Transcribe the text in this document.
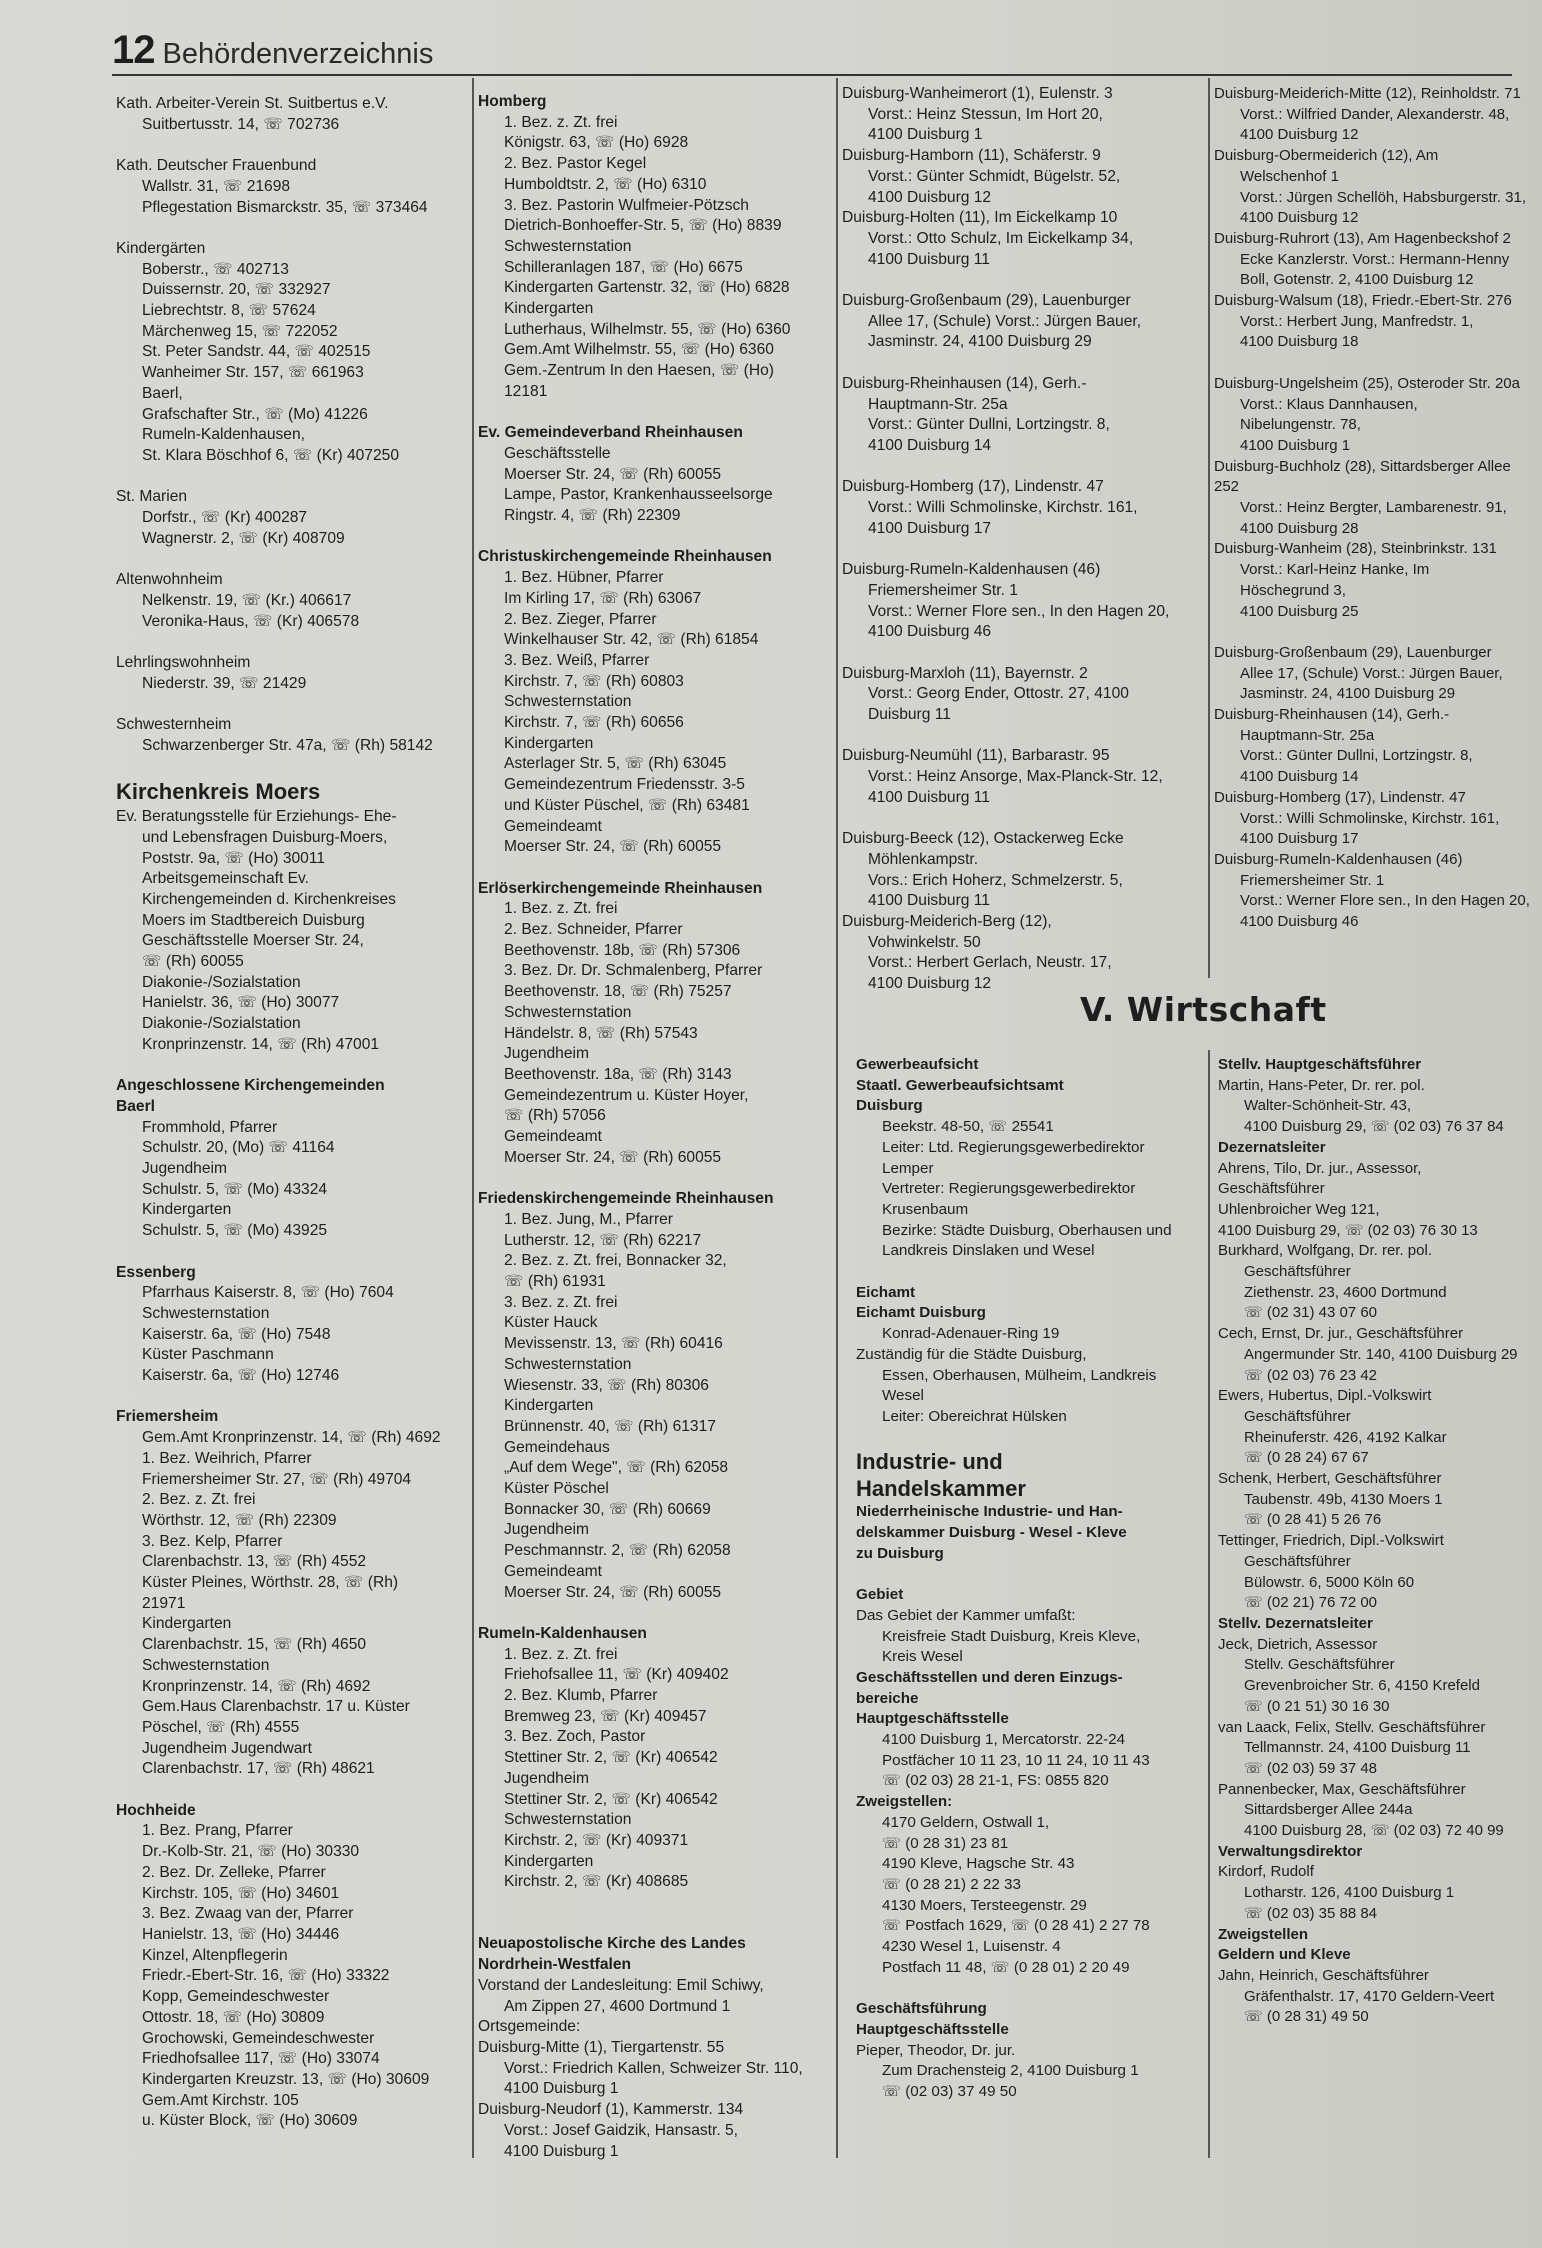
12 Behördenverzeichnis
Kath. Arbeiter-Verein St. Suitbertus e.V.
Suitbertusstr. 14, ☏ 702736
Kath. Deutscher Frauenbund
Wallstr. 31, ☏ 21698
Pflegestation Bismarckstr. 35, ☏ 373464
Kindergärten
Boberstr., ☏ 402713
Duissernstr. 20, ☏ 332927
Liebrechtstr. 8, ☏ 57624
Märchenweg 15, ☏ 722052
St. Peter Sandstr. 44, ☏ 402515
Wanheimer Str. 157, ☏ 661963
Baerl,
Grafschafter Str., ☏ (Mo) 41226
Rumeln-Kaldenhausen,
St. Klara Böschhof 6, ☏ (Kr) 407250
St. Marien
Dorfstr., ☏ (Kr) 400287
Wagnerstr. 2, ☏ (Kr) 408709
Altenwohnheim
Nelkenstr. 19, ☏ (Kr.) 406617
Veronika-Haus, ☏ (Kr) 406578
Lehrlingswohnheim
Niederstr. 39, ☏ 21429
Schwesternheim
Schwarzenberger Str. 47a, ☏ (Rh) 58142
Kirchenkreis Moers
Ev. Beratungsstelle für Erziehungs- Ehe-
und Lebensfragen Duisburg-Moers,
Poststr. 9a, ☏ (Ho) 30011
Arbeitsgemeinschaft Ev.
Kirchengemeinden d. Kirchenkreises
Moers im Stadtbereich Duisburg
Geschäftsstelle Moerser Str. 24,
☏ (Rh) 60055
Diakonie-/Sozialstation
Hanielstr. 36, ☏ (Ho) 30077
Diakonie-/Sozialstation
Kronprinzenstr. 14, ☏ (Rh) 47001
Angeschlossene Kirchengemeinden
Baerl
Frommhold, Pfarrer
Schulstr. 20, (Mo) ☏ 41164
Jugendheim
Schulstr. 5, ☏ (Mo) 43324
Kindergarten
Schulstr. 5, ☏ (Mo) 43925
Essenberg
Pfarrhaus Kaiserstr. 8, ☏ (Ho) 7604
Schwesternstation
Kaiserstr. 6a, ☏ (Ho) 7548
Küster Paschmann
Kaiserstr. 6a, ☏ (Ho) 12746
Friemersheim
Gem.Amt Kronprinzenstr. 14, ☏ (Rh) 4692
1. Bez. Weihrich, Pfarrer
Friemersheimer Str. 27, ☏ (Rh) 49704
2. Bez. z. Zt. frei
Wörthstr. 12, ☏ (Rh) 22309
3. Bez. Kelp, Pfarrer
Clarenbachstr. 13, ☏ (Rh) 4552
Küster Pleines, Wörthstr. 28, ☏ (Rh)
21971
Kindergarten
Clarenbachstr. 15, ☏ (Rh) 4650
Schwesternstation
Kronprinzenstr. 14, ☏ (Rh) 4692
Gem.Haus Clarenbachstr. 17 u. Küster
Pöschel, ☏ (Rh) 4555
Jugendheim Jugendwart
Clarenbachstr. 17, ☏ (Rh) 48621
Hochheide
1. Bez. Prang, Pfarrer
Dr.-Kolb-Str. 21, ☏ (Ho) 30330
2. Bez. Dr. Zelleke, Pfarrer
Kirchstr. 105, ☏ (Ho) 34601
3. Bez. Zwaag van der, Pfarrer
Hanielstr. 13, ☏ (Ho) 34446
Kinzel, Altenpflegerin
Friedr.-Ebert-Str. 16, ☏ (Ho) 33322
Kopp, Gemeindeschwester
Ottostr. 18, ☏ (Ho) 30809
Grochowski, Gemeindeschwester
Friedhofsallee 117, ☏ (Ho) 33074
Kindergarten Kreuzstr. 13, ☏ (Ho) 30609
Gem.Amt Kirchstr. 105
u. Küster Block, ☏ (Ho) 30609
Homberg
1. Bez. z. Zt. frei
Königstr. 63, ☏ (Ho) 6928
2. Bez. Pastor Kegel
Humboldtstr. 2, ☏ (Ho) 6310
3. Bez. Pastorin Wulfmeier-Pötzsch
Dietrich-Bonhoeffer-Str. 5, ☏ (Ho) 8839
Schwesternstation
Schilleranlagen 187, ☏ (Ho) 6675
Kindergarten Gartenstr. 32, ☏ (Ho) 6828
Kindergarten
Lutherhaus, Wilhelmstr. 55, ☏ (Ho) 6360
Gem.Amt Wilhelmstr. 55, ☏ (Ho) 6360
Gem.-Zentrum In den Haesen, ☏ (Ho)
12181
Ev. Gemeindeverband Rheinhausen
Geschäftsstelle
Moerser Str. 24, ☏ (Rh) 60055
Lampe, Pastor, Krankenhausseelsorge
Ringstr. 4, ☏ (Rh) 22309
Christuskirchengemeinde Rheinhausen
1. Bez. Hübner, Pfarrer
Im Kirling 17, ☏ (Rh) 63067
2. Bez. Zieger, Pfarrer
Winkelhauser Str. 42, ☏ (Rh) 61854
3. Bez. Weiß, Pfarrer
Kirchstr. 7, ☏ (Rh) 60803
Schwesternstation
Kirchstr. 7, ☏ (Rh) 60656
Kindergarten
Asterlager Str. 5, ☏ (Rh) 63045
Gemeindezentrum Friedensstr. 3-5
und Küster Püschel, ☏ (Rh) 63481
Gemeindeamt
Moerser Str. 24, ☏ (Rh) 60055
Erlöserkirchengemeinde Rheinhausen
1. Bez. z. Zt. frei
2. Bez. Schneider, Pfarrer
Beethovenstr. 18b, ☏ (Rh) 57306
3. Bez. Dr. Dr. Schmalenberg, Pfarrer
Beethovenstr. 18, ☏ (Rh) 75257
Schwesternstation
Händelstr. 8, ☏ (Rh) 57543
Jugendheim
Beethovenstr. 18a, ☏ (Rh) 3143
Gemeindezentrum u. Küster Hoyer,
☏ (Rh) 57056
Gemeindeamt
Moerser Str. 24, ☏ (Rh) 60055
Friedenskirchengemeinde Rheinhausen
1. Bez. Jung, M., Pfarrer
Lutherstr. 12, ☏ (Rh) 62217
2. Bez. z. Zt. frei, Bonnacker 32,
☏ (Rh) 61931
3. Bez. z. Zt. frei
Küster Hauck
Mevissenstr. 13, ☏ (Rh) 60416
Schwesternstation
Wiesenstr. 33, ☏ (Rh) 80306
Kindergarten
Brünnenstr. 40, ☏ (Rh) 61317
Gemeindehaus
„Auf dem Wege", ☏ (Rh) 62058
Küster Pöschel
Bonnacker 30, ☏ (Rh) 60669
Jugendheim
Peschmannstr. 2, ☏ (Rh) 62058
Gemeindeamt
Moerser Str. 24, ☏ (Rh) 60055
Rumeln-Kaldenhausen
1. Bez. z. Zt. frei
Friehofsallee 11, ☏ (Kr) 409402
2. Bez. Klumb, Pfarrer
Bremweg 23, ☏ (Kr) 409457
3. Bez. Zoch, Pastor
Stettiner Str. 2, ☏ (Kr) 406542
Jugendheim
Stettiner Str. 2, ☏ (Kr) 406542
Schwesternstation
Kirchstr. 2, ☏ (Kr) 409371
Kindergarten
Kirchstr. 2, ☏ (Kr) 408685
Neuapostolische Kirche des Landes
Nordrhein-Westfalen
Vorstand der Landesleitung: Emil Schiwy,
Am Zippen 27, 4600 Dortmund 1
Ortsgemeinde:
Duisburg-Mitte (1), Tiergartenstr. 55
Vorst.: Friedrich Kallen, Schweizer Str. 110,
4100 Duisburg 1
Duisburg-Neudorf (1), Kammerstr. 134
Vorst.: Josef Gaidzik, Hansastr. 5,
4100 Duisburg 1
Duisburg-Wanheimerort (1), Eulenstr. 3
Vorst.: Heinz Stessun, Im Hort 20,
4100 Duisburg 1
Duisburg-Hamborn (11), Schäferstr. 9
Vorst.: Günter Schmidt, Bügelstr. 52,
4100 Duisburg 12
Duisburg-Holten (11), Im Eickelkamp 10
Vorst.: Otto Schulz, Im Eickelkamp 34,
4100 Duisburg 11
Duisburg-Großenbaum (29), Lauenburger
Allee 17, (Schule) Vorst.: Jürgen Bauer,
Jasminstr. 24, 4100 Duisburg 29
Duisburg-Rheinhausen (14), Gerh.-
Hauptmann-Str. 25a
Vorst.: Günter Dullni, Lortzingstr. 8,
4100 Duisburg 14
Duisburg-Homberg (17), Lindenstr. 47
Vorst.: Willi Schmolinske, Kirchstr. 161,
4100 Duisburg 17
Duisburg-Rumeln-Kaldenhausen (46)
Friemersheimer Str. 1
Vorst.: Werner Flore sen., In den Hagen 20,
4100 Duisburg 46
Duisburg-Marxloh (11), Bayernstr. 2
Vorst.: Georg Ender, Ottostr. 27, 4100
Duisburg 11
Duisburg-Neumühl (11), Barbarastr. 95
Vorst.: Heinz Ansorge, Max-Planck-Str. 12,
4100 Duisburg 11
Duisburg-Beeck (12), Ostackerweg Ecke
Möhlenkampstr.
Vors.: Erich Hoherz, Schmelzerstr. 5,
4100 Duisburg 11
Duisburg-Meiderich-Berg (12),
Vohwinkelstr. 50
Vorst.: Herbert Gerlach, Neustr. 17,
4100 Duisburg 12
Duisburg-Meiderich-Mitte (12), Reinholdstr. 71
Vorst.: Wilfried Dander, Alexanderstr. 48,
4100 Duisburg 12
Duisburg-Obermeiderich (12), Am
Welschenhof 1
Vorst.: Jürgen Schellöh, Habsburgerstr. 31,
4100 Duisburg 12
Duisburg-Ruhrort (13), Am Hagenbeckshof 2
Ecke Kanzlerstr. Vorst.: Hermann-Henny
Boll, Gotenstr. 2, 4100 Duisburg 12
Duisburg-Walsum (18), Friedr.-Ebert-Str. 276
Vorst.: Herbert Jung, Manfredstr. 1,
4100 Duisburg 18
Duisburg-Ungelsheim (25), Osteroder Str. 20a
Vorst.: Klaus Dannhausen,
Nibelungenstr. 78,
4100 Duisburg 1
Duisburg-Buchholz (28), Sittardsberger Allee
252
Vorst.: Heinz Bergter, Lambarenestr. 91,
4100 Duisburg 28
Duisburg-Wanheim (28), Steinbrinkstr. 131
Vorst.: Karl-Heinz Hanke, Im
Höschegrund 3,
4100 Duisburg 25
Duisburg-Großenbaum (29), Lauenburger
Allee 17, (Schule) Vorst.: Jürgen Bauer,
Jasminstr. 24, 4100 Duisburg 29
Duisburg-Rheinhausen (14), Gerh.-
Hauptmann-Str. 25a
Vorst.: Günter Dullni, Lortzingstr. 8,
4100 Duisburg 14
Duisburg-Homberg (17), Lindenstr. 47
Vorst.: Willi Schmolinske, Kirchstr. 161,
4100 Duisburg 17
Duisburg-Rumeln-Kaldenhausen (46)
Friemersheimer Str. 1
Vorst.: Werner Flore sen., In den Hagen 20,
4100 Duisburg 46
V. Wirtschaft
Gewerbeaufsicht
Staatl. Gewerbeaufsichtsamt
Duisburg
Beekstr. 48-50, ☏ 25541
Leiter: Ltd. Regierungsgewerbedirektor
Lemper
Vertreter: Regierungsgewerbedirektor
Krusenbaum
Bezirke: Städte Duisburg, Oberhausen und
Landkreis Dinslaken und Wesel
Eichamt
Eichamt Duisburg
Konrad-Adenauer-Ring 19
Zuständig für die Städte Duisburg,
Essen, Oberhausen, Mülheim, Landkreis
Wesel
Leiter: Obereichrat Hülsken
Industrie- und
Handelskammer
Niederrheinische Industrie- und Han-
delskammer Duisburg - Wesel - Kleve
zu Duisburg
Gebiet
Das Gebiet der Kammer umfaßt:
Kreisfreie Stadt Duisburg, Kreis Kleve,
Kreis Wesel
Geschäftsstellen und deren Einzugs-
bereiche
Hauptgeschäftsstelle
4100 Duisburg 1, Mercatorstr. 22-24
Postfächer 10 11 23, 10 11 24, 10 11 43
☏ (02 03) 28 21-1, FS: 0855 820
Zweigstellen:
4170 Geldern, Ostwall 1,
☏ (0 28 31) 23 81
4190 Kleve, Hagsche Str. 43
☏ (0 28 21) 2 22 33
4130 Moers, Tersteegenstr. 29
☏ Postfach 1629, ☏ (0 28 41) 2 27 78
4230 Wesel 1, Luisenstr. 4
Postfach 11 48, ☏ (0 28 01) 2 20 49
Geschäftsführung
Hauptgeschäftsstelle
Pieper, Theodor, Dr. jur.
Zum Drachensteig 2, 4100 Duisburg 1
☏ (02 03) 37 49 50
Stellv. Hauptgeschäftsführer
Martin, Hans-Peter, Dr. rer. pol.
Walter-Schönheit-Str. 43,
4100 Duisburg 29, ☏ (02 03) 76 37 84
Dezernatsleiter
Ahrens, Tilo, Dr. jur., Assessor,
Geschäftsführer
Uhlenbroicher Weg 121,
4100 Duisburg 29, ☏ (02 03) 76 30 13
Burkhard, Wolfgang, Dr. rer. pol.
Geschäftsführer
Ziethenstr. 23, 4600 Dortmund
☏ (02 31) 43 07 60
Cech, Ernst, Dr. jur., Geschäftsführer
Angermunder Str. 140, 4100 Duisburg 29
☏ (02 03) 76 23 42
Ewers, Hubertus, Dipl.-Volkswirt
Geschäftsführer
Rheinuferstr. 426, 4192 Kalkar
☏ (0 28 24) 67 67
Schenk, Herbert, Geschäftsführer
Taubenstr. 49b, 4130 Moers 1
☏ (0 28 41) 5 26 76
Tettinger, Friedrich, Dipl.-Volkswirt
Geschäftsführer
Bülowstr. 6, 5000 Köln 60
☏ (02 21) 76 72 00
Stellv. Dezernatsleiter
Jeck, Dietrich, Assessor
Stellv. Geschäftsführer
Grevenbroicher Str. 6, 4150 Krefeld
☏ (0 21 51) 30 16 30
van Laack, Felix, Stellv. Geschäftsführer
Tellmannstr. 24, 4100 Duisburg 11
☏ (02 03) 59 37 48
Pannenbecker, Max, Geschäftsführer
Sittardsberger Allee 244a
4100 Duisburg 28, ☏ (02 03) 72 40 99
Verwaltungsdirektor
Kirdorf, Rudolf
Lotharstr. 126, 4100 Duisburg 1
☏ (02 03) 35 88 84
Zweigstellen
Geldern und Kleve
Jahn, Heinrich, Geschäftsführer
Gräfenthalstr. 17, 4170 Geldern-Veert
☏ (0 28 31) 49 50
